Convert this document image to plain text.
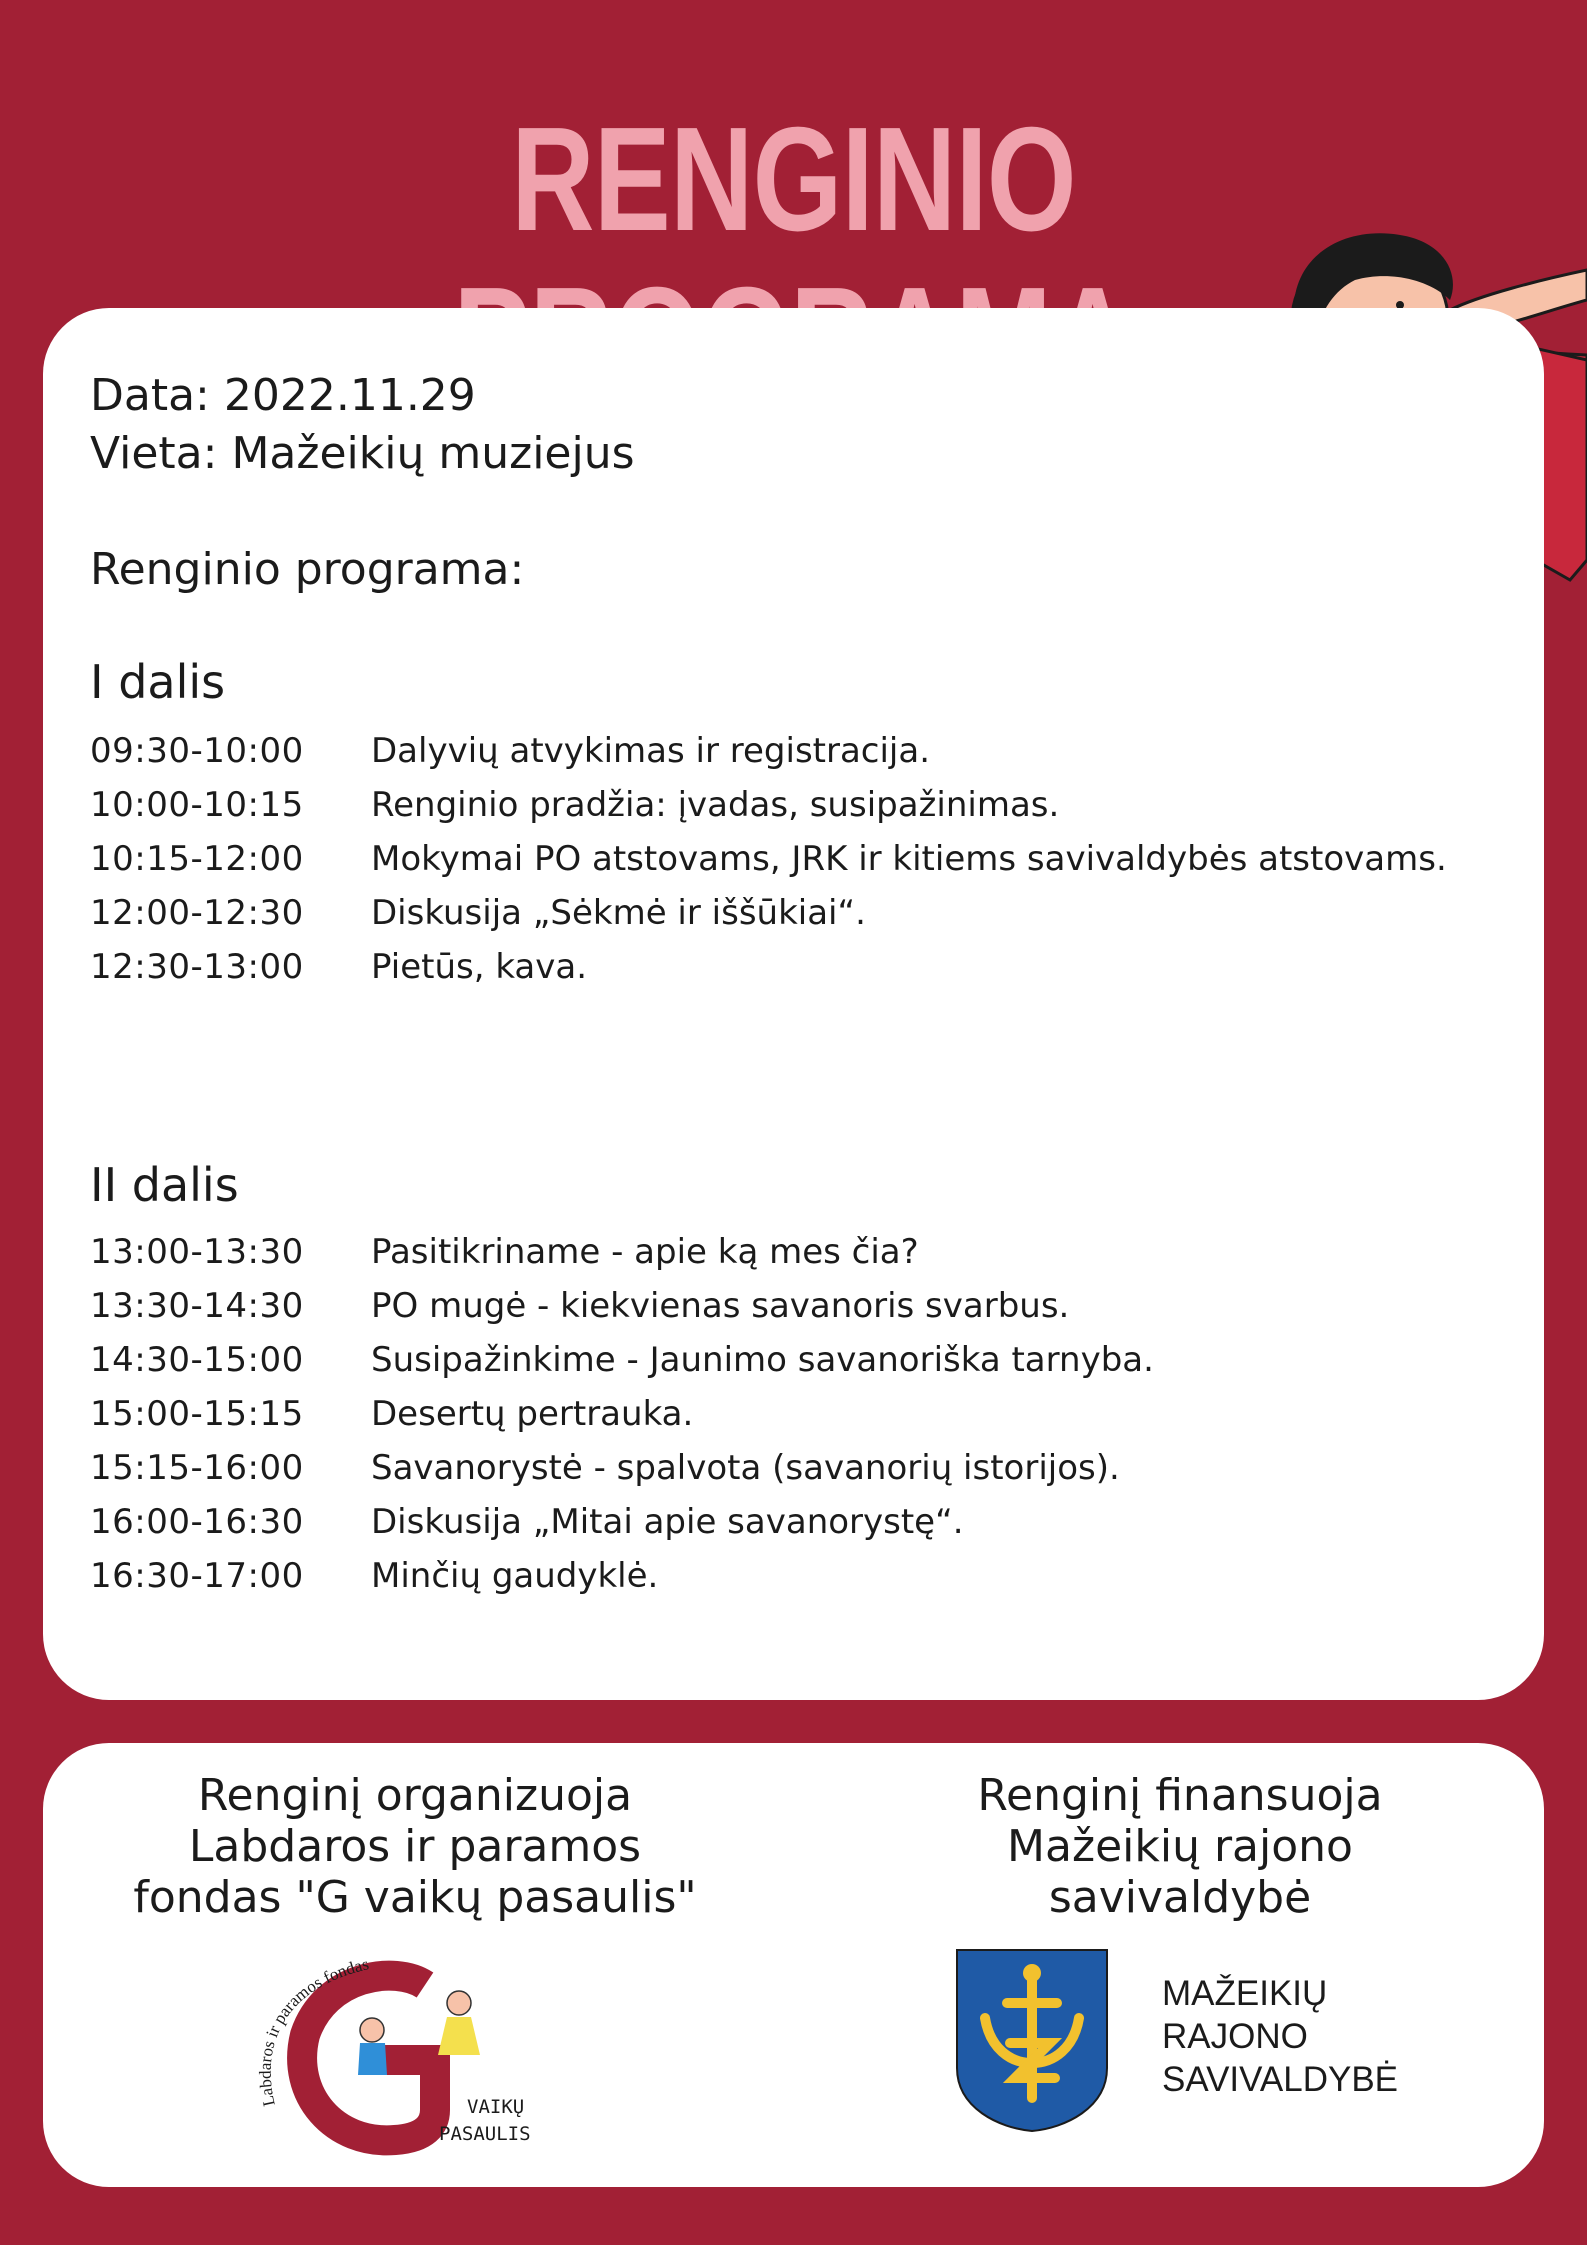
RENGINIO
Data: 2022.11.29
Vieta: Mažeikių muziejus
Renginio programa:
I dalis
09:30-10:00	Dalyvių atvykimas ir registracija.
10:00-10:15	Renginio pradžia: įvadas, susipažinimas.
10:15-12:00	Mokymai PO atstovams, JRK ir kitiems savivaldybės atstovams.
12:00-12:30	Diskusija „Sėkmė ir iššūkiai“.
12:30-13:00	Pietūs, kava.
II dalis
13:00-13:30	Pasitikriname - apie ką mes čia?
13:30-14:30	PO mugė - kiekvienas savanoris svarbus.
14:30-15:00	Susipažinkime - Jaunimo savanoriška tarnyba.
15:00-15:15	Desertų pertrauka.
15:15-16:00	Savanorystė - spalvota (savanorių istorijos).
16:00-16:30	Diskusija „Mitai apie savanorystę“.
16:30-17:00	Minčių gaudyklė.
Renginį organizuoja
Labdaros ir paramos
fondas "G vaikų pasaulis"
Renginį finansuoja
Mažeikių rajono
savivaldybė
VAIKŲ
PASAULIS
Labdaros ir paramos fondas
MAŽEIKIŲ
RAJONO
SAVIVALDYBĖ
